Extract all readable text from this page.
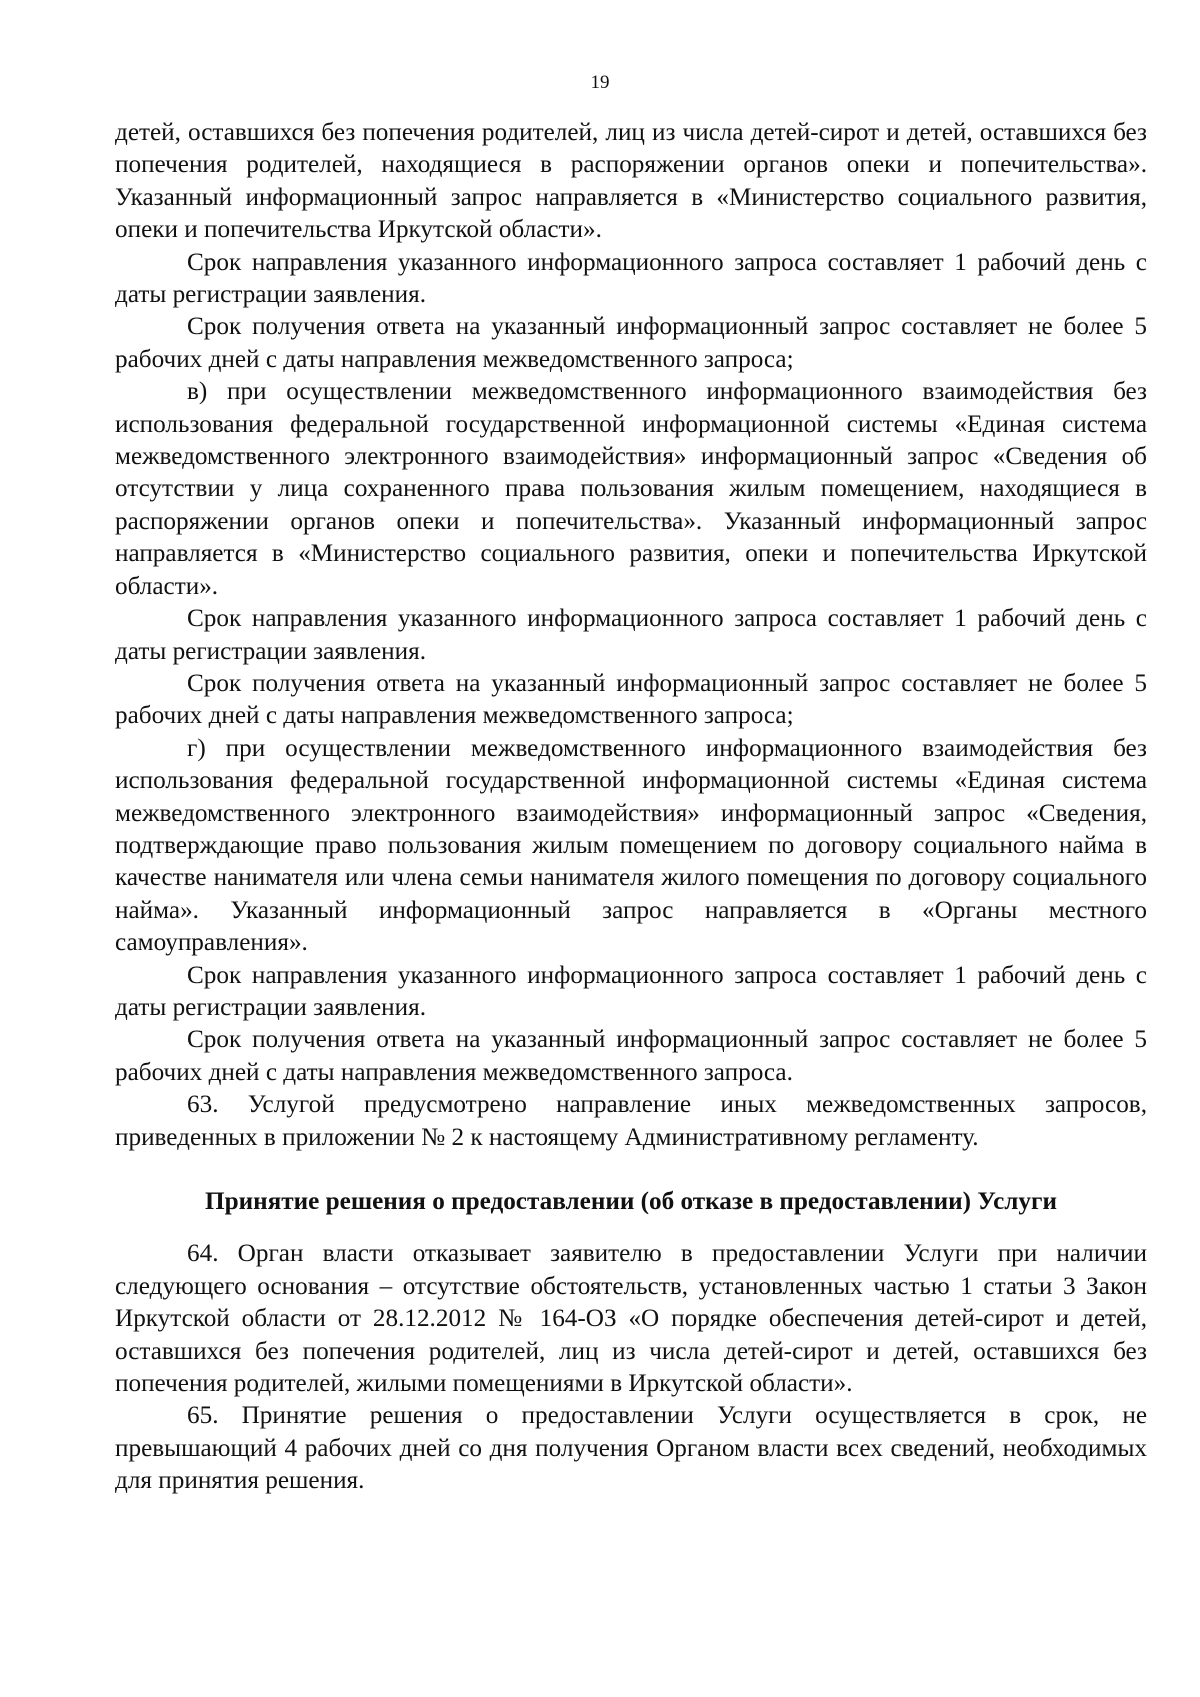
19

детей, оставшихся без попечения родителей, лиц из числа детей-сирот и детей, оставшихся без попечения родителей, находящиеся в распоряжении органов опеки и попечительства». Указанный информационный запрос направляется в «Министерство социального развития, опеки и попечительства Иркутской области».

Срок направления указанного информационного запроса составляет 1 рабочий день с даты регистрации заявления.

Срок получения ответа на указанный информационный запрос составляет не более 5 рабочих дней с даты направления межведомственного запроса;

в) при осуществлении межведомственного информационного взаимодействия без использования федеральной государственной информационной системы «Единая система межведомственного электронного взаимодействия» информационный запрос «Сведения об отсутствии у лица сохраненного права пользования жилым помещением, находящиеся в распоряжении органов опеки и попечительства». Указанный информационный запрос направляется в «Министерство социального развития, опеки и попечительства Иркутской области».

Срок направления указанного информационного запроса составляет 1 рабочий день с даты регистрации заявления.

Срок получения ответа на указанный информационный запрос составляет не более 5 рабочих дней с даты направления межведомственного запроса;

г) при осуществлении межведомственного информационного взаимодействия без использования федеральной государственной информационной системы «Единая система межведомственного электронного взаимодействия» информационный запрос «Сведения, подтверждающие право пользования жилым помещением по договору социального найма в качестве нанимателя или члена семьи нанимателя жилого помещения по договору социального найма». Указанный информационный запрос направляется в «Органы местного самоуправления».

Срок направления указанного информационного запроса составляет 1 рабочий день с даты регистрации заявления.

Срок получения ответа на указанный информационный запрос составляет не более 5 рабочих дней с даты направления межведомственного запроса.

63. Услугой предусмотрено направление иных межведомственных запросов, приведенных в приложении № 2 к настоящему Административному регламенту.

Принятие решения о предоставлении (об отказе в предоставлении) Услуги

64. Орган власти отказывает заявителю в предоставлении Услуги при наличии следующего основания – отсутствие обстоятельств, установленных частью 1 статьи 3 Закон Иркутской области от 28.12.2012 № 164-ОЗ «О порядке обеспечения детей-сирот и детей, оставшихся без попечения родителей, лиц из числа детей-сирот и детей, оставшихся без попечения родителей, жилыми помещениями в Иркутской области».

65. Принятие решения о предоставлении Услуги осуществляется в срок, не превышающий 4 рабочих дней со дня получения Органом власти всех сведений, необходимых для принятия решения.
